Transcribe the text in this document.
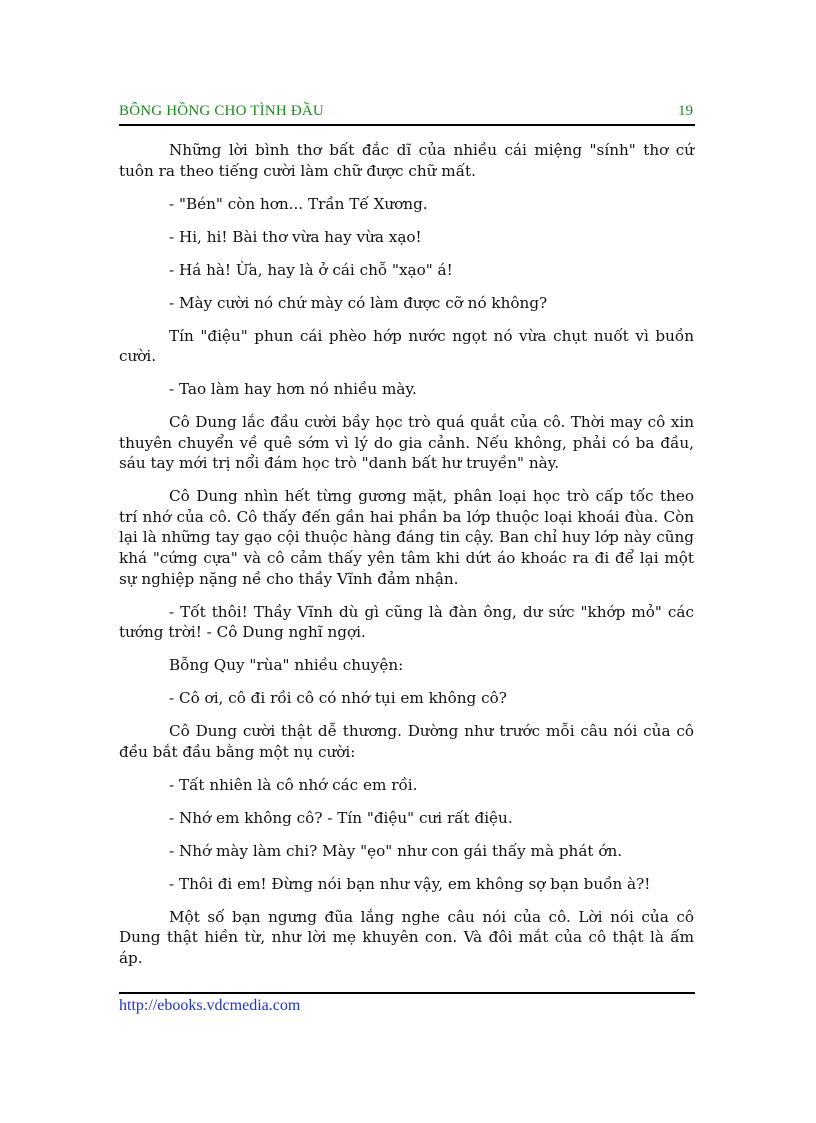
BÔNG HỒNG CHO TÌNH ĐẦU	19

Những lời bình thơ bất đắc dĩ của nhiều cái miệng "sính" thơ cứ tuôn ra theo tiếng cười làm chữ được chữ mất.

- "Bén" còn hơn... Trần Tế Xương.

- Hi, hi! Bài thơ vừa hay vừa xạo!

- Há hà! Ừa, hay là ở cái chỗ "xạo" á!

- Mày cười nó chứ mày có làm được cỡ nó không?

Tín "điệu" phun cái phèo hớp nước ngọt nó vừa chụt nuốt vì buồn cười.

- Tao làm hay hơn nó nhiều mày.

Cô Dung lắc đầu cười bầy học trò quá quắt của cô. Thời may cô xin thuyên chuyển về quê sớm vì lý do gia cảnh. Nếu không, phải có ba đầu, sáu tay mới trị nổi đám học trò "danh bất hư truyền" này.

Cô Dung nhìn hết từng gương mặt, phân loại học trò cấp tốc theo trí nhớ của cô. Cô thấy đến gần hai phần ba lớp thuộc loại khoái đùa. Còn lại là những tay gạo cội thuộc hàng đáng tin cậy. Ban chỉ huy lớp này cũng khá "cứng cựa" và cô cảm thấy yên tâm khi dứt áo khoác ra đi để lại một sự nghiệp nặng nề cho thầy Vĩnh đảm nhận.

- Tốt thôi! Thầy Vĩnh dù gì cũng là đàn ông, dư sức "khớp mỏ" các tướng trời! - Cô Dung nghĩ ngợi.

Bỗng Quy "rùa" nhiều chuyện:

- Cô ơi, cô đi rồi cô có nhớ tụi em không cô?

Cô Dung cười thật dễ thương. Dường như trước mỗi câu nói của cô đều bắt đầu bằng một nụ cười:

- Tất nhiên là cô nhớ các em rồi.

- Nhớ em không cô? - Tín "điệu" cưi rất điệu.

- Nhớ mày làm chi? Mày "ẹo" như con gái thấy mà phát ớn.

- Thôi đi em! Đừng nói bạn như vậy, em không sợ bạn buồn à?!

Một số bạn ngưng đũa lắng nghe câu nói của cô. Lời nói của cô Dung thật hiền từ, như lời mẹ khuyên con. Và đôi mắt của cô thật là ấm áp.

http://ebooks.vdcmedia.com
